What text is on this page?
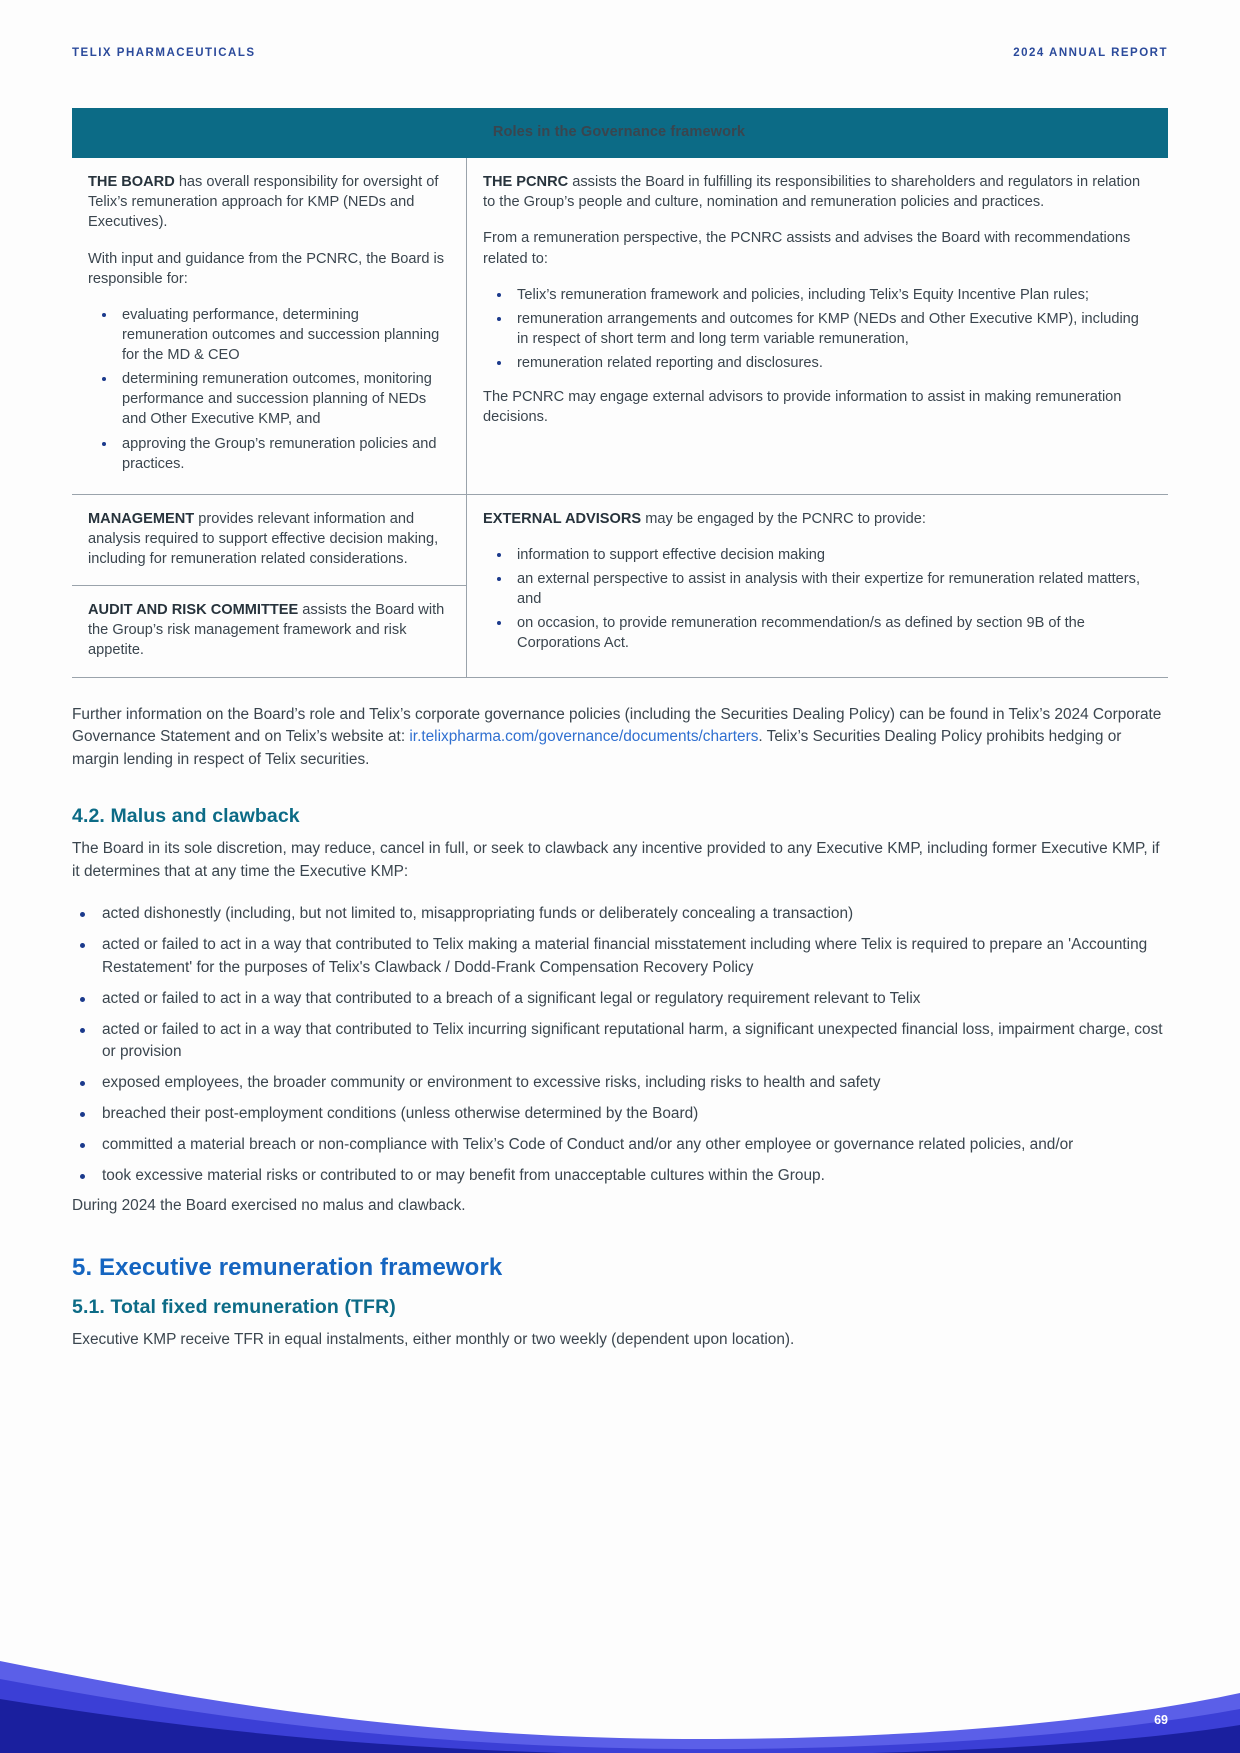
TELIX PHARMACEUTICALS	2024 ANNUAL REPORT
Roles in the Governance framework	

THE BOARD has overall responsibility for oversight of Telix’s remuneration approach for KMP (NEDs and Executives).

With input and guidance from the PCNRC, the Board is responsible for:

evaluating performance, determining remuneration outcomes and succession planning for the MD & CEO
determining remuneration outcomes, monitoring performance and succession planning of NEDs and Other Executive KMP, and
approving the Group’s remuneration policies and practices.

THE PCNRC assists the Board in fulfilling its responsibilities to shareholders and regulators in relation to the Group’s people and culture, nomination and remuneration policies and practices.

From a remuneration perspective, the PCNRC assists and advises the Board with recommendations related to:

Telix’s remuneration framework and policies, including Telix’s Equity Incentive Plan rules;
remuneration arrangements and outcomes for KMP (NEDs and Other Executive KMP), including in respect of short term and long term variable remuneration,
remuneration related reporting and disclosures.

The PCNRC may engage external advisors to provide information to assist in making remuneration decisions.

MANAGEMENT provides relevant information and analysis required to support effective decision making, including for remuneration related considerations.

EXTERNAL ADVISORS may be engaged by the PCNRC to provide:

information to support effective decision making
an external perspective to assist in analysis with their expertize for remuneration related matters, and
on occasion, to provide remuneration recommendation/s as defined by section 9B of the Corporations Act.

AUDIT AND RISK COMMITTEE assists the Board with the Group’s risk management framework and risk appetite.	

Further information on the Board’s role and Telix’s corporate governance policies (including the Securities Dealing Policy) can be found in Telix’s 2024 Corporate Governance Statement and on Telix’s website at: ir.telixpharma.com/governance/documents/charters. Telix’s Securities Dealing Policy prohibits hedging or margin lending in respect of Telix securities.

4.2. Malus and clawback

The Board in its sole discretion, may reduce, cancel in full, or seek to clawback any incentive provided to any Executive KMP, including former Executive KMP, if it determines that at any time the Executive KMP:

acted dishonestly (including, but not limited to, misappropriating funds or deliberately concealing a transaction)
acted or failed to act in a way that contributed to Telix making a material financial misstatement including where Telix is required to prepare an 'Accounting Restatement' for the purposes of Telix's Clawback / Dodd-Frank Compensation Recovery Policy
acted or failed to act in a way that contributed to a breach of a significant legal or regulatory requirement relevant to Telix
acted or failed to act in a way that contributed to Telix incurring significant reputational harm, a significant unexpected financial loss, impairment charge, cost or provision
exposed employees, the broader community or environment to excessive risks, including risks to health and safety
breached their post-employment conditions (unless otherwise determined by the Board)
committed a material breach or non-compliance with Telix’s Code of Conduct and/or any other employee or governance related policies, and/or
took excessive material risks or contributed to or may benefit from unacceptable cultures within the Group.

During 2024 the Board exercised no malus and clawback.

5. Executive remuneration framework
5.1. Total fixed remuneration (TFR)

Executive KMP receive TFR in equal instalments, either monthly or two weekly (dependent upon location).

69
